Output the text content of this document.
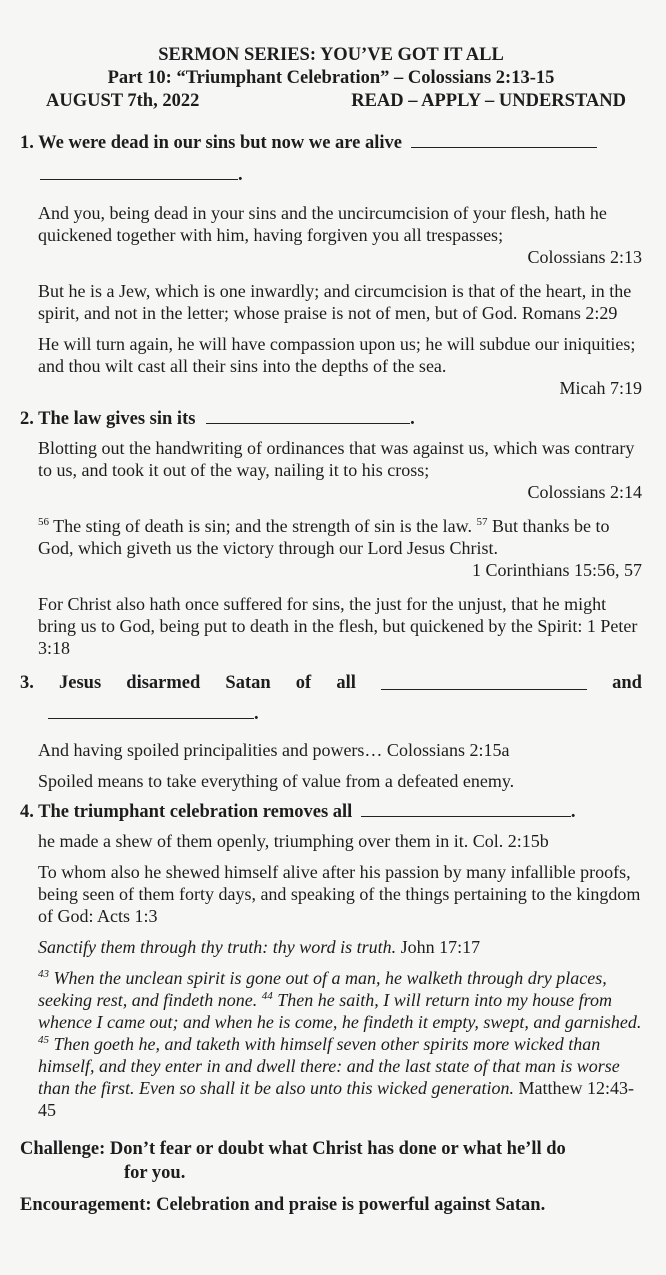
SERMON SERIES: YOU’VE GOT IT ALL
Part 10: “Triumphant Celebration” – Colossians 2:13-15
AUGUST 7th, 2022	READ – APPLY – UNDERSTAND
1. We were dead in our sins but now we are alive
.
And you, being dead in your sins and the uncircumcision of your flesh, hath he quickened together with him, having forgiven you all trespasses;
Colossians 2:13
But he is a Jew, which is one inwardly; and circumcision is that of the heart, in the spirit, and not in the letter; whose praise is not of men, but of God. Romans 2:29
He will turn again, he will have compassion upon us; he will subdue our iniquities; and thou wilt cast all their sins into the depths of the sea.
Micah 7:19
2. The law gives sin its	.
Blotting out the handwriting of ordinances that was against us, which was contrary to us, and took it out of the way, nailing it to his cross;
Colossians 2:14
$^{56}$ The sting of death is sin; and the strength of sin is the law. $^{57}$ But thanks be to God, which giveth us the victory through our Lord Jesus Christ.
1 Corinthians 15:56, 57
For Christ also hath once suffered for sins, the just for the unjust, that he might bring us to God, being put to death in the flesh, but quickened by the Spirit: 1 Peter 3:18
3. Jesus disarmed Satan of all	and
.
And having spoiled principalities and powers… Colossians 2:15a
Spoiled means to take everything of value from a defeated enemy.
4. The triumphant celebration removes all	.
he made a shew of them openly, triumphing over them in it. Col. 2:15b
To whom also he shewed himself alive after his passion by many infallible proofs, being seen of them forty days, and speaking of the things pertaining to the kingdom of God: Acts 1:3
Sanctify them through thy truth: thy word is truth. John 17:17
$^{43}$ When the unclean spirit is gone out of a man, he walketh through dry places, seeking rest, and findeth none. $^{44}$ Then he saith, I will return into my house from whence I came out; and when he is come, he findeth it empty, swept, and garnished. $^{45}$ Then goeth he, and taketh with himself seven other spirits more wicked than himself, and they enter in and dwell there: and the last state of that man is worse than the first. Even so shall it be also unto this wicked generation. Matthew 12:43-45
Challenge: Don’t fear or doubt what Christ has done or what he’ll do
for you.
Encouragement: Celebration and praise is powerful against Satan.
